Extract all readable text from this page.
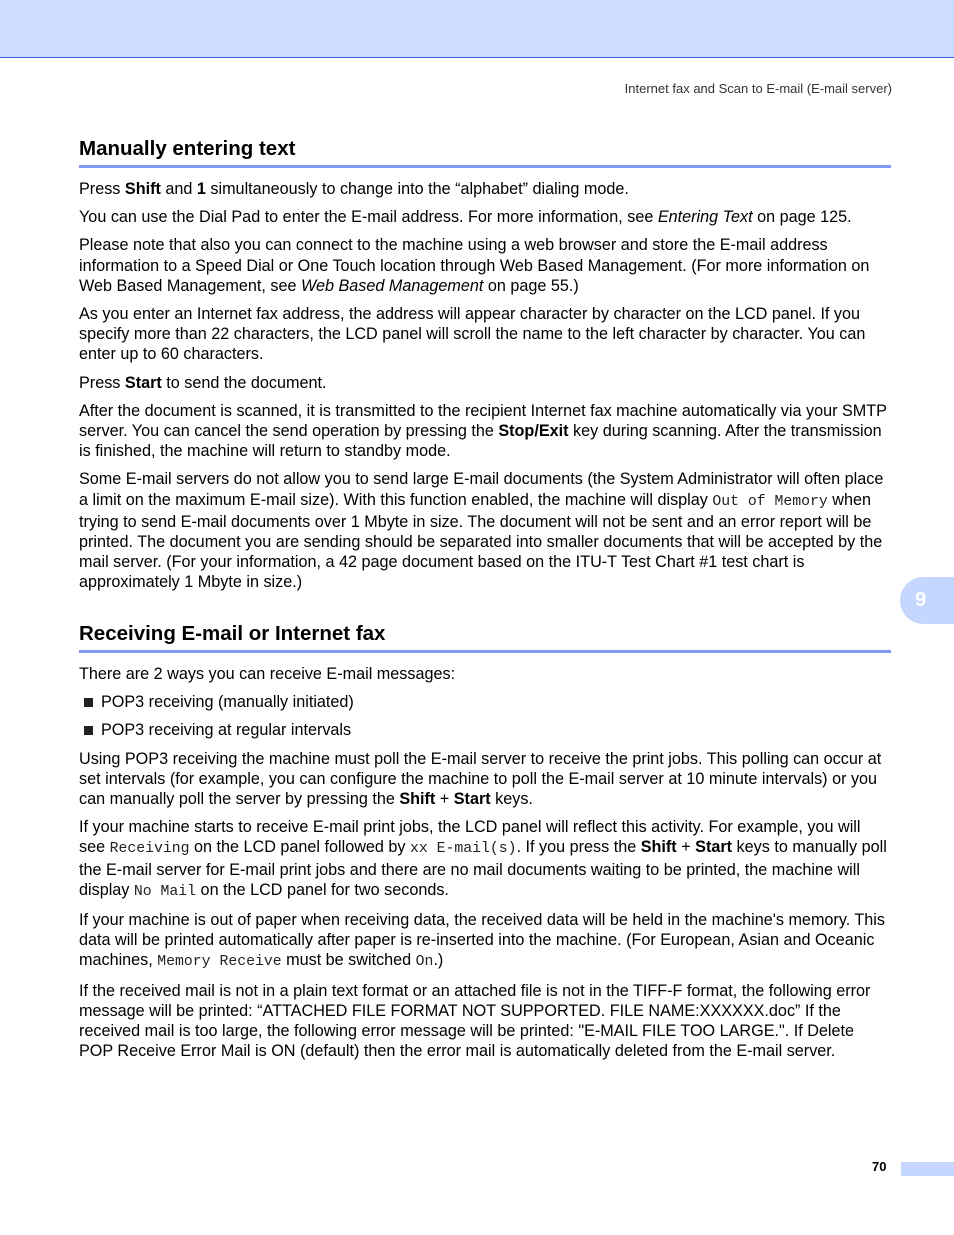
Internet fax and Scan to E-mail (E-mail server)
Manually entering text

Press Shift and 1 simultaneously to change into the “alphabet” dialing mode.

You can use the Dial Pad to enter the E-mail address. For more information, see Entering Text on page 125.

Please note that also you can connect to the machine using a web browser and store the E-mail address information to a Speed Dial or One Touch location through Web Based Management. (For more information on Web Based Management, see Web Based Management on page 55.)

As you enter an Internet fax address, the address will appear character by character on the LCD panel. If you specify more than 22 characters, the LCD panel will scroll the name to the left character by character. You can enter up to 60 characters.

Press Start to send the document.

After the document is scanned, it is transmitted to the recipient Internet fax machine automatically via your SMTP server. You can cancel the send operation by pressing the Stop/Exit key during scanning. After the transmission is finished, the machine will return to standby mode.

Some E-mail servers do not allow you to send large E-mail documents (the System Administrator will often place a limit on the maximum E-mail size). With this function enabled, the machine will display Out of Memory when trying to send E-mail documents over 1 Mbyte in size. The document will not be sent and an error report will be printed. The document you are sending should be separated into smaller documents that will be accepted by the mail server. (For your information, a 42 page document based on the ITU-T Test Chart #1 test chart is approximately 1 Mbyte in size.)

Receiving E-mail or Internet fax

There are 2 ways you can receive E-mail messages:

POP3 receiving (manually initiated)

POP3 receiving at regular intervals

Using POP3 receiving the machine must poll the E-mail server to receive the print jobs. This polling can occur at set intervals (for example, you can configure the machine to poll the E-mail server at 10 minute intervals) or you can manually poll the server by pressing the Shift + Start keys.

If your machine starts to receive E-mail print jobs, the LCD panel will reflect this activity. For example, you will see Receiving on the LCD panel followed by xx E-mail(s). If you press the Shift + Start keys to manually poll the E-mail server for E-mail print jobs and there are no mail documents waiting to be printed, the machine will display No Mail on the LCD panel for two seconds.

If your machine is out of paper when receiving data, the received data will be held in the machine's memory. This data will be printed automatically after paper is re-inserted into the machine. (For European, Asian and Oceanic machines, Memory Receive must be switched On.)

If the received mail is not in a plain text format or an attached file is not in the TIFF-F format, the following error message will be printed: “ATTACHED FILE FORMAT NOT SUPPORTED. FILE NAME:XXXXXX.doc” If the received mail is too large, the following error message will be printed: "E-MAIL FILE TOO LARGE.". If Delete POP Receive Error Mail is ON (default) then the error mail is automatically deleted from the E-mail server.

9
70
